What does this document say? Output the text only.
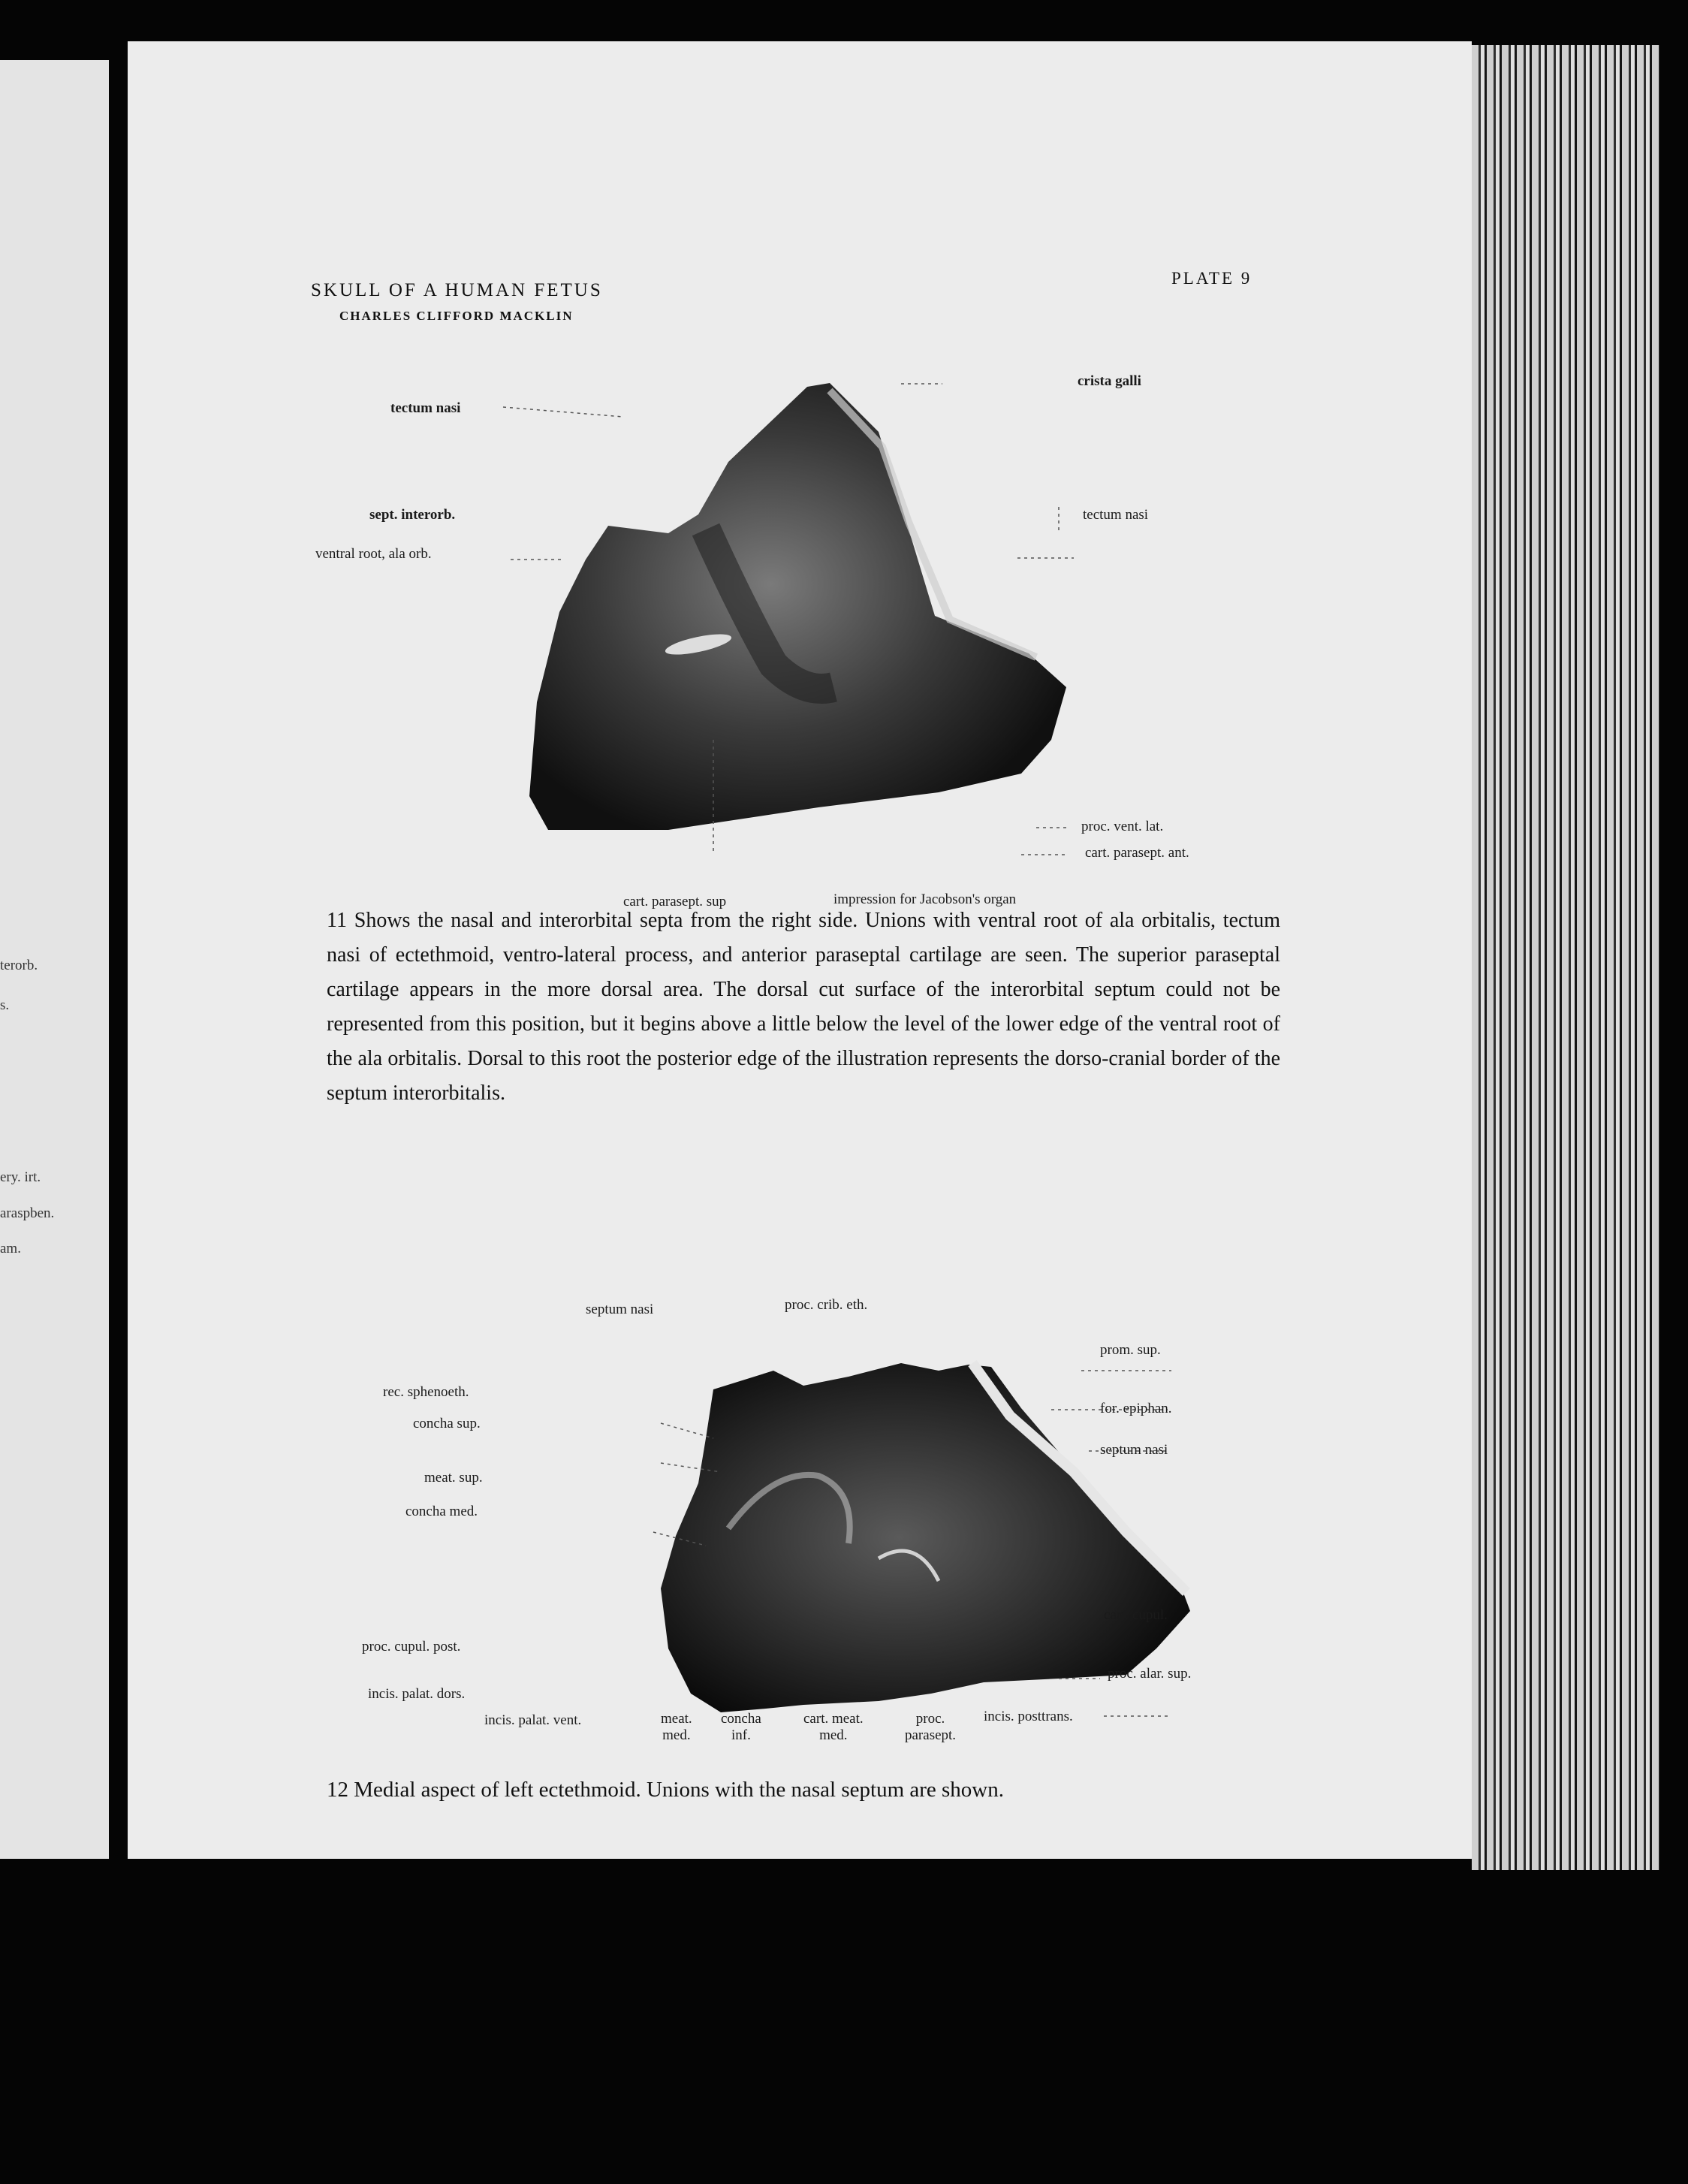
terorb.
s.
ery. irt.
araspben.
am.
SKULL OF A HUMAN FETUS
CHARLES CLIFFORD MACKLIN
PLATE 9
tectum nasi
crista galli
sept. interorb.
ventral root, ala orb.
tectum nasi
proc. vent. lat.
cart. parasept. ant.
cart. parasept. sup	impression for Jacobson's organ
11 Shows the nasal and interorbital septa from the right side. Unions with ventral root of ala orbitalis, tectum nasi of ectethmoid, ventro-lateral process, and anterior paraseptal cartilage are seen. The superior paraseptal cartilage appears in the more dorsal area. The dorsal cut surface of the interorbital septum could not be represented from this position, but it begins above a little below the level of the lower edge of the ventral root of the ala orbitalis. Dorsal to this root the posterior edge of the illustration represents the dorso-cranial border of the septum interorbitalis.
septum nasi	proc. crib. eth.
prom. sup.
rec. sphenoeth.
concha sup.
for. epiphan.
septum nasi
meat. sup.
concha med.
cart. cupul.
proc. cupul. post.
proc. alar. sup.
incis. palat. dors.
incis. palat. vent.	meat.
med.
concha
inf.
cart. meat.
med.
proc.
parasept.
incis. posttrans.
12 Medial aspect of left ectethmoid. Unions with the nasal septum are shown.
